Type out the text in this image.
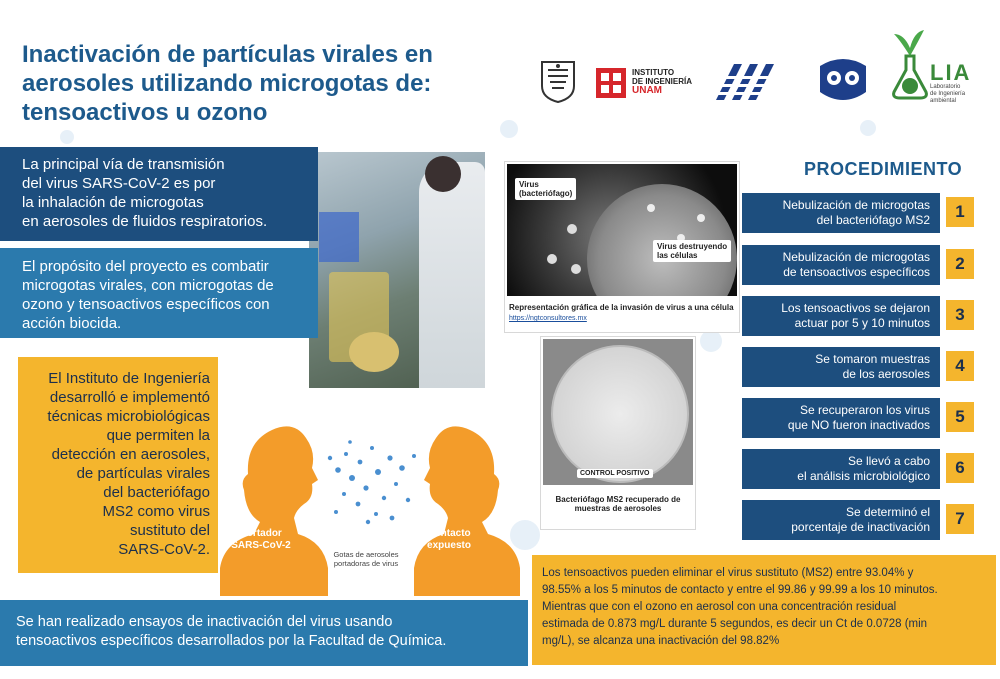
Inactivación de partículas virales en
aerosoles utilizando microgotas de:
tensoactivos u ozono
INSTITUTO
DE INGENIERÍA
UNAM
LIA
Laboratorio
de Ingeniería
ambiental
La principal vía de transmisión
del virus SARS-CoV-2 es por
la inhalación de microgotas
en aerosoles de fluidos respiratorios.
El propósito del proyecto es combatir
microgotas virales, con microgotas de
ozono y tensoactivos específicos con
acción biocida.
El Instituto de Ingeniería
desarrolló e implementó
técnicas microbiológicas
que permiten la
detección en aerosoles,
de partículas virales
del bacteriófago
MS2 como virus
sustituto del
SARS-CoV-2.
Portador
SARS-CoV-2
Gotas de aerosoles
portadoras de virus
Contacto
expuesto
Virus
(bacteriófago)
Virus destruyendo
las células
Representación gráfica de la invasión de virus a una célula
https://ngtconsultores.mx
CONTROL POSITIVO
Bacteriófago MS2 recuperado de
muestras de aerosoles
PROCEDIMIENTO
Nebulización de microgotas
del bacteriófago MS2	1
Nebulización de microgotas
de tensoactivos específicos	2
Los tensoactivos se dejaron
actuar por 5 y 10 minutos	3
Se tomaron muestras
de los aerosoles	4
Se recuperaron los virus
que NO fueron inactivados	5
Se llevó a cabo
el análisis microbiológico	6
Se determinó el
porcentaje de inactivación	7
Los tensoactivos pueden eliminar el virus sustituto (MS2) entre 93.04% y
98.55% a los 5 minutos de contacto y entre el 99.86 y 99.99 a los 10 minutos.
Mientras que con el ozono en aerosol con una concentración residual
estimada de 0.873 mg/L durante 5 segundos, es decir un Ct de 0.0728 (min
mg/L), se alcanza una inactivación del 98.82%
Se han realizado ensayos de inactivación del virus usando
tensoactivos específicos desarrollados por la Facultad de Química.
